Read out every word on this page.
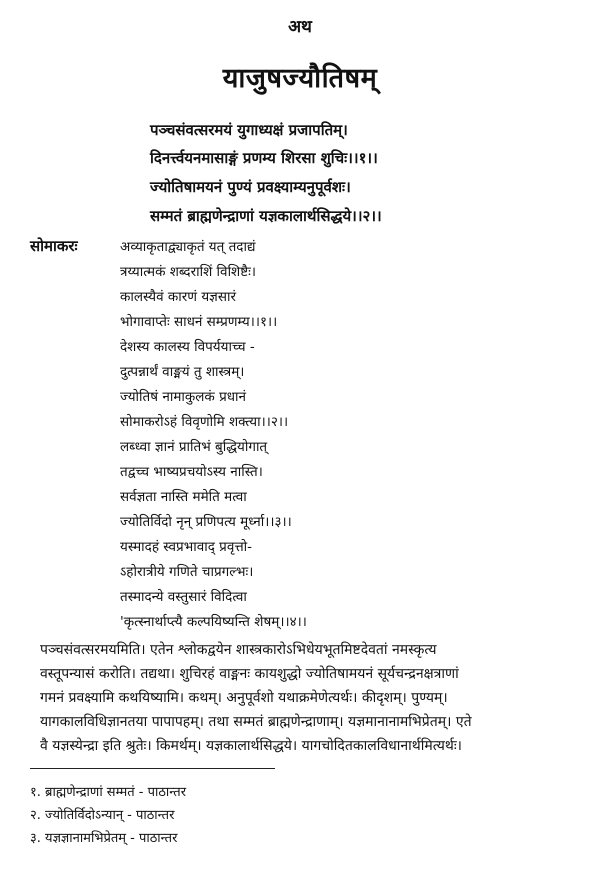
अथ
याजुषज्यौतिषम्
पञ्चसंवत्सरमयं युगाध्यक्षं प्रजापतिम्।
दिनर्त्त्वयनमासाङ्गं प्रणम्य शिरसा शुचिः।।१।।
ज्योतिषामयनं पुण्यं प्रवक्ष्याम्यनुपूर्वशः।
सम्मतं ब्राह्मणेन्द्राणां यज्ञकालार्थसिद्धये।।२।।
सोमाकरः	अव्याकृताद्व्याकृतं यत् तदाद्यं
त्रय्यात्मकं शब्दराशिं विशिष्टैः।
कालस्यैवं कारणं यज्ञसारं
भोगावाप्तेः साधनं सम्प्रणम्य।।१।।
देशस्य कालस्य विपर्ययाच्च -
दुत्पन्नार्थं वाङ्मयं तु शास्त्रम्।
ज्योतिषं नामाकुलकं प्रधानं
सोमाकरोऽहं विवृणोमि शक्त्या।।२।।
लब्ध्वा ज्ञानं प्रातिभं बुद्धियोगात्
तद्वच्च भाष्यप्रचयोऽस्य नास्ति।
सर्वज्ञता नास्ति ममेति मत्वा
ज्योतिर्विदो नृन् प्रणिपत्य मूर्ध्ना।।३।।
यस्मादहं स्वप्रभावाद् प्रवृत्तो-
ऽहोरात्रीये गणिते चाप्रगल्भः।
तस्मादन्ये वस्तुसारं विदित्वा
'कृत्स्नार्थाप्त्यै कल्पयिष्यन्ति शेषम्।।४।।
पञ्चसंवत्सरमयमिति। एतेन श्लोकद्वयेन शास्त्रकारोऽभिधेयभूतमिष्टदेवतां नमस्कृत्य
वस्तूपन्यासं करोति। तद्यथा। शुचिरहं वाङ्मनः कायशुद्धो ज्योतिषामयनं सूर्यचन्द्रनक्षत्राणां
गमनं प्रवक्ष्यामि कथयिष्यामि। कथम्। अनुपूर्वशो यथाक्रमेणेत्यर्थः। कीदृशम्। पुण्यम्।
यागकालविधिज्ञानतया पापापहम्। तथा सम्मतं ब्राह्मणेन्द्राणाम्। यज्ञमानानामभिप्रेतम्। एते
वै यज्ञस्येन्द्रा इति श्रुतेः। किमर्थम्। यज्ञकालार्थसिद्धये। यागचोदितकालविधानार्थमित्यर्थः।
१. ब्राह्मणेन्द्राणां सम्मतं - पाठान्तर
२. ज्योतिर्विदोऽन्यान् - पाठान्तर
३. यज्ञज्ञानामभिप्रेतम् - पाठान्तर
